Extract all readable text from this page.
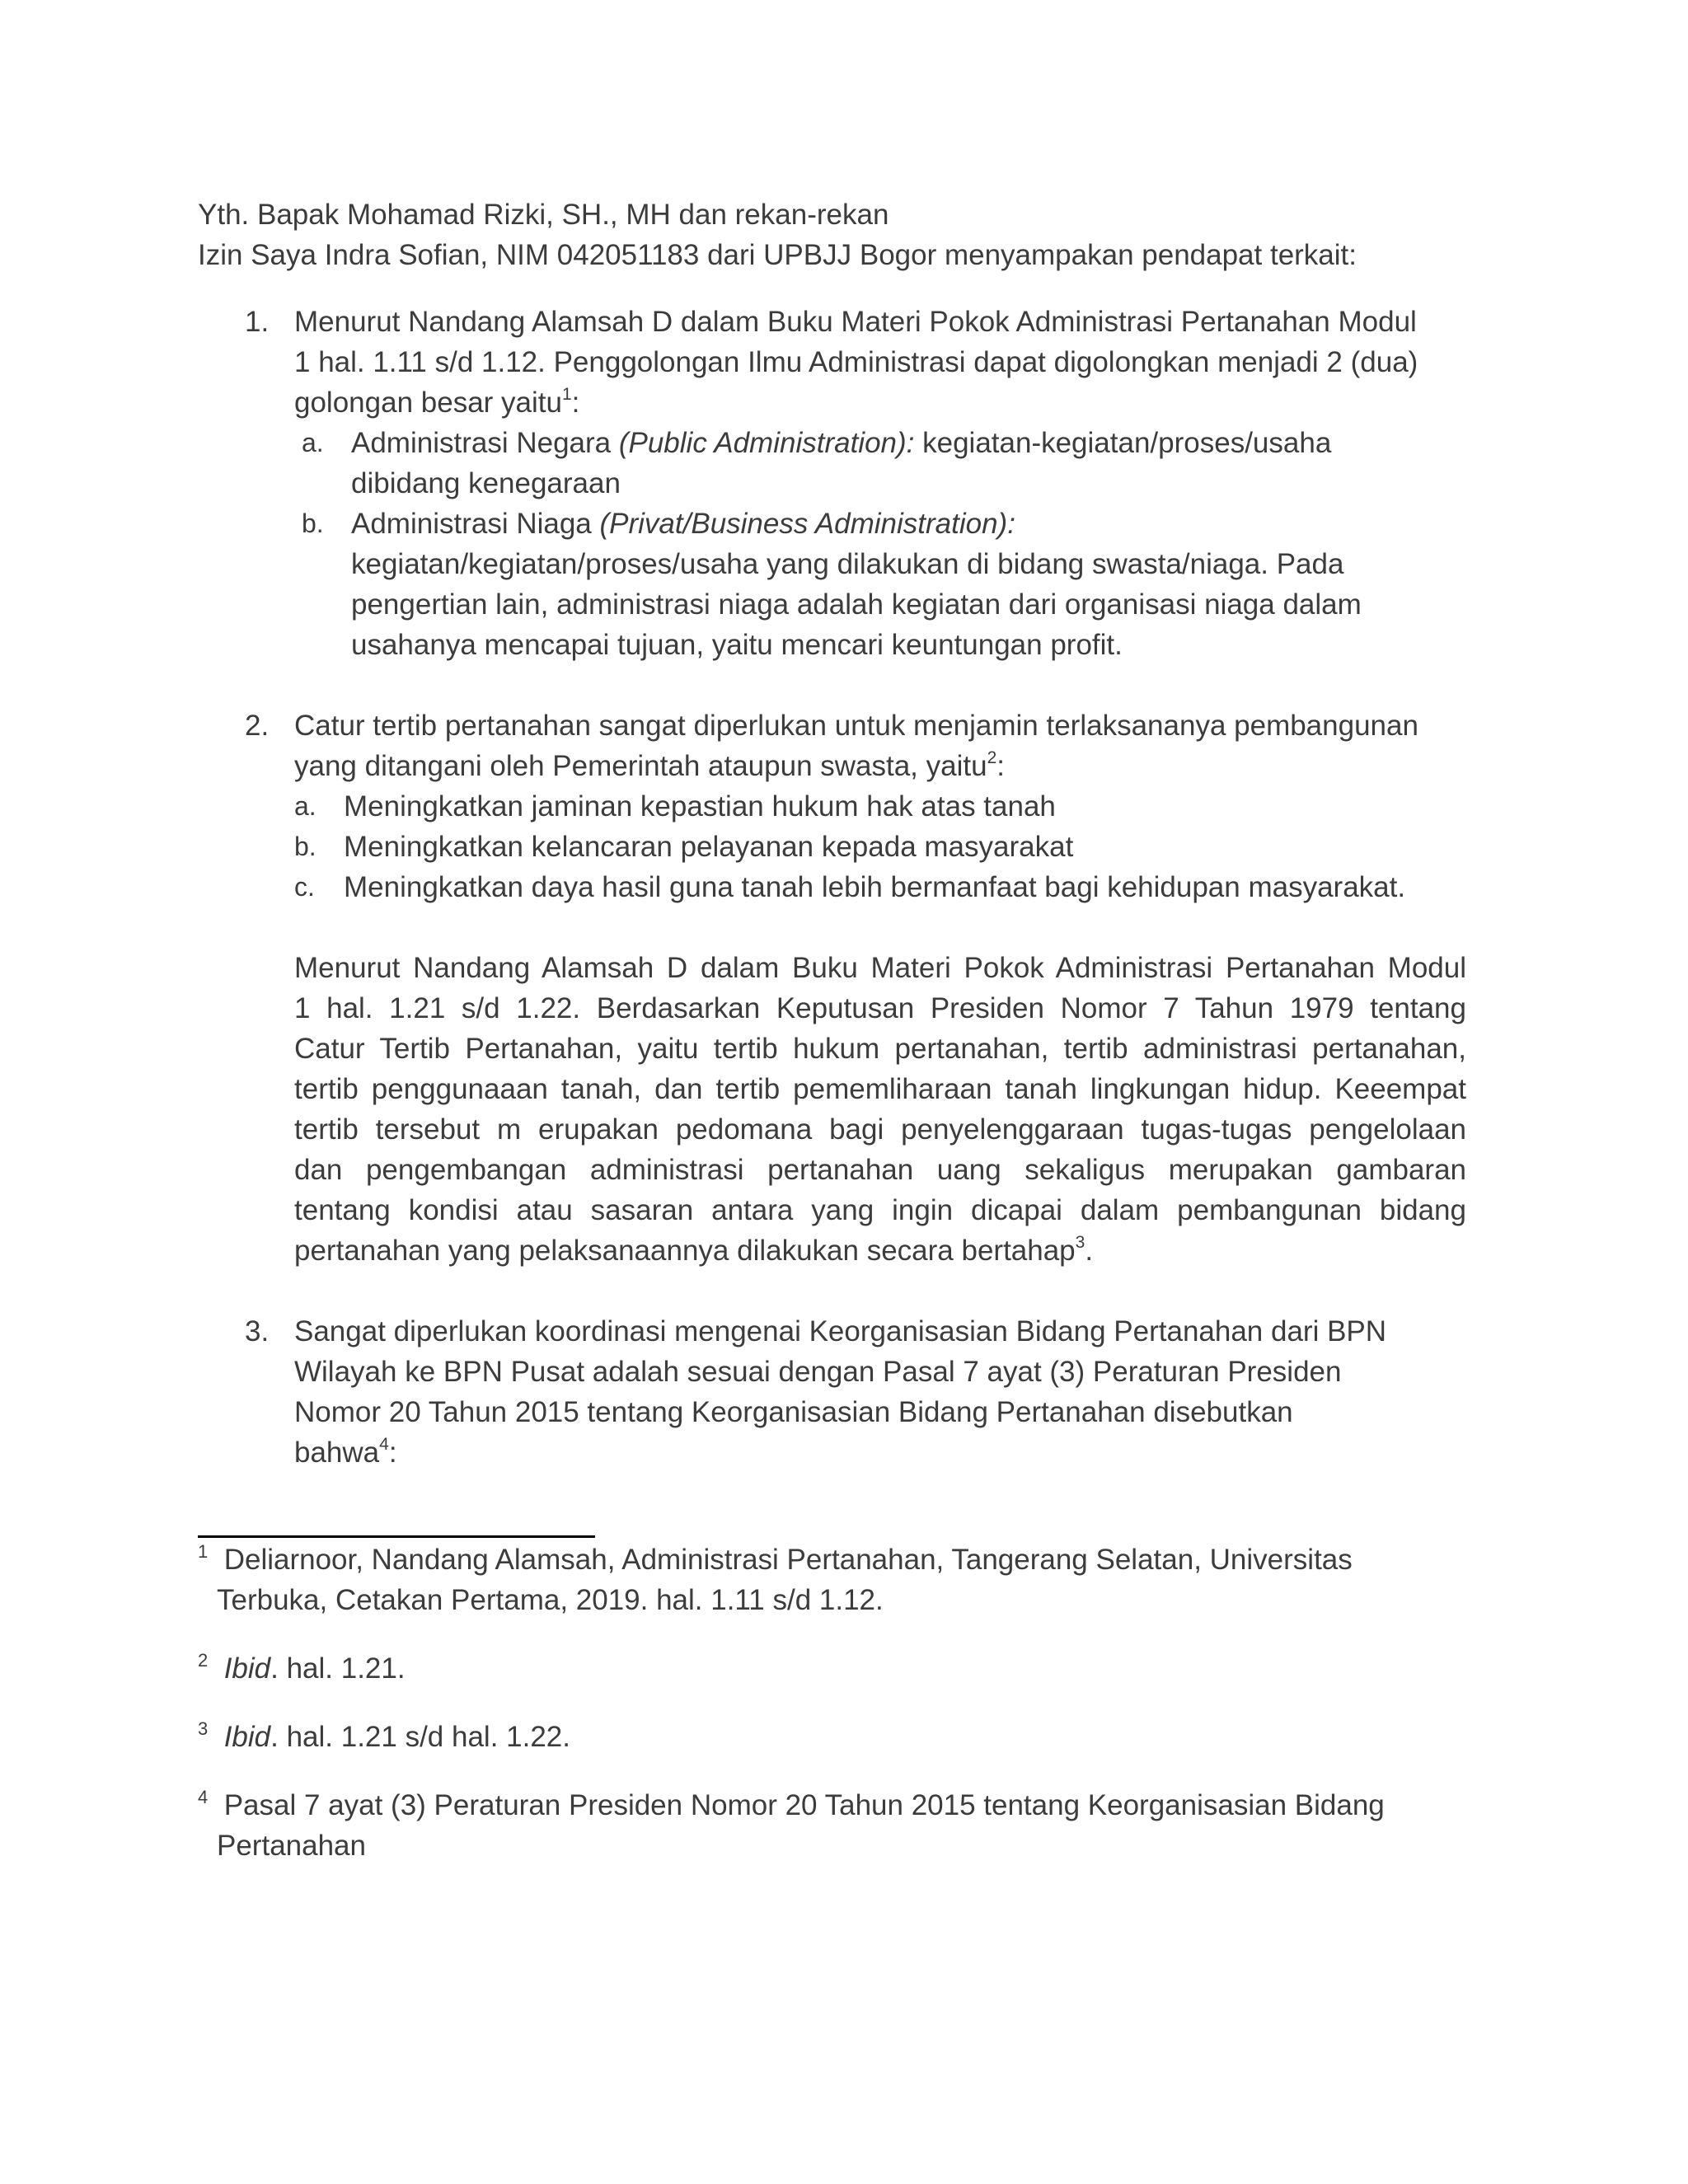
Yth. Bapak Mohamad Rizki, SH., MH dan rekan-rekan
Izin Saya Indra Sofian, NIM 042051183 dari UPBJJ Bogor menyampakan pendapat terkait:
1. Menurut Nandang Alamsah D dalam Buku Materi Pokok Administrasi Pertanahan Modul
1 hal. 1.11 s/d 1.12. Penggolongan Ilmu Administrasi dapat digolongkan menjadi 2 (dua)
golongan besar yaitu$^1$:
a. Administrasi Negara (Public Administration): kegiatan-kegiatan/proses/usaha
dibidang kenegaraan
b. Administrasi Niaga (Privat/Business Administration):
kegiatan/kegiatan/proses/usaha yang dilakukan di bidang swasta/niaga. Pada
pengertian lain, administrasi niaga adalah kegiatan dari organisasi niaga dalam
usahanya mencapai tujuan, yaitu mencari keuntungan profit.
2. Catur tertib pertanahan sangat diperlukan untuk menjamin terlaksananya pembangunan
yang ditangani oleh Pemerintah ataupun swasta, yaitu$^2$:
a. Meningkatkan jaminan kepastian hukum hak atas tanah
b. Meningkatkan kelancaran pelayanan kepada masyarakat
c. Meningkatkan daya hasil guna tanah lebih bermanfaat bagi kehidupan masyarakat.
Menurut Nandang Alamsah D dalam Buku Materi Pokok Administrasi Pertanahan Modul
1 hal. 1.21 s/d 1.22. Berdasarkan Keputusan Presiden Nomor 7 Tahun 1979 tentang
Catur Tertib Pertanahan, yaitu tertib hukum pertanahan, tertib administrasi pertanahan,
tertib penggunaaan tanah, dan tertib pememliharaan tanah lingkungan hidup. Keeempat
tertib tersebut m erupakan pedomana bagi penyelenggaraan tugas-tugas pengelolaan
dan pengembangan administrasi pertanahan uang sekaligus merupakan gambaran
tentang kondisi atau sasaran antara yang ingin dicapai dalam pembangunan bidang
pertanahan yang pelaksanaannya dilakukan secara bertahap$^3$.
3. Sangat diperlukan koordinasi mengenai Keorganisasian Bidang Pertanahan dari BPN
Wilayah ke BPN Pusat adalah sesuai dengan Pasal 7 ayat (3) Peraturan Presiden
Nomor 20 Tahun 2015 tentang Keorganisasian Bidang Pertanahan disebutkan
bahwa$^4$:
$^1$ Deliarnoor, Nandang Alamsah, Administrasi Pertanahan, Tangerang Selatan, Universitas
Terbuka, Cetakan Pertama, 2019. hal. 1.11 s/d 1.12.
$^2$ Ibid. hal. 1.21.
$^3$ Ibid. hal. 1.21 s/d hal. 1.22.
$^4$ Pasal 7 ayat (3) Peraturan Presiden Nomor 20 Tahun 2015 tentang Keorganisasian Bidang
Pertanahan
